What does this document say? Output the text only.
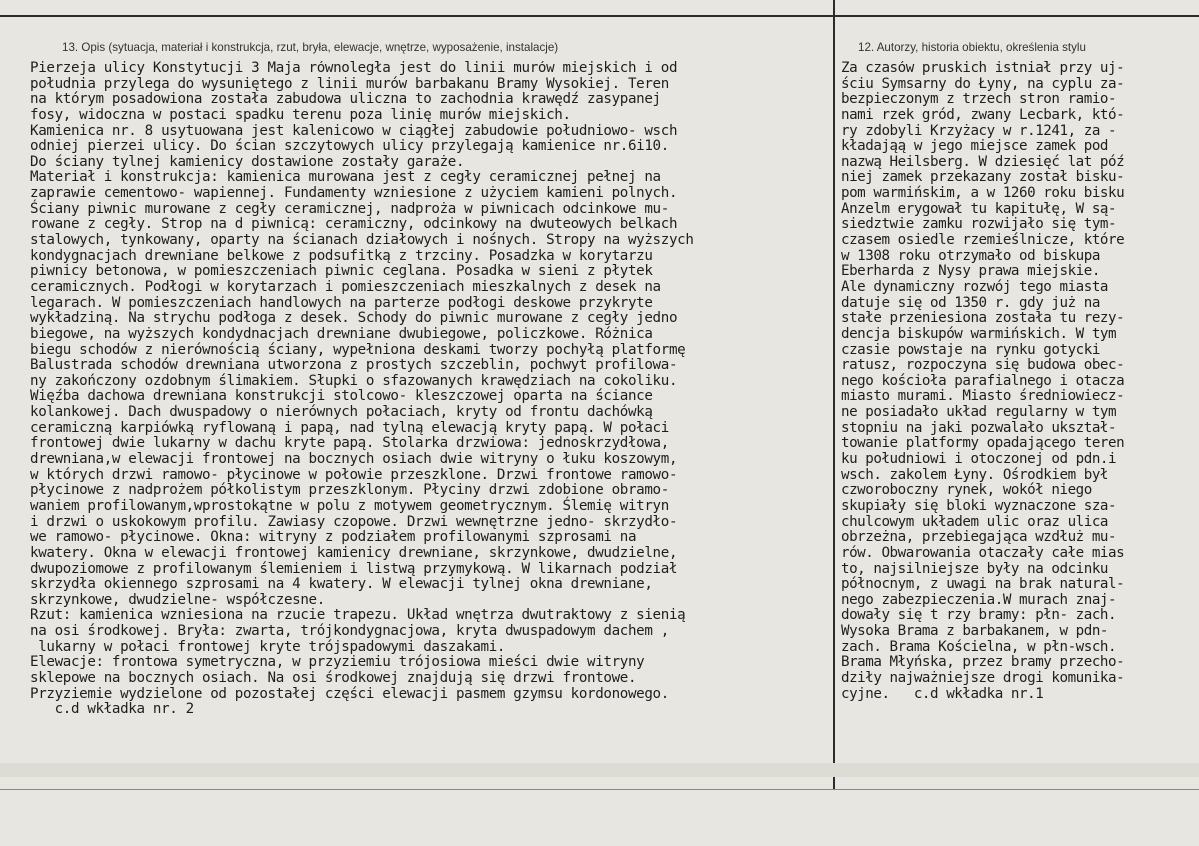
13. Opis (sytuacja, materiał i konstrukcja, rzut, bryła, elewacje, wnętrze, wyposażenie, instalacje)	12. Autorzy, historia obiektu, określenia stylu
Pierzeja ulicy Konstytucji 3 Maja równoległa jest do linii murów miejskich i od
południa przylega do wysuniętego z linii murów barbakanu Bramy Wysokiej. Teren
na którym posadowiona została zabudowa uliczna to zachodnia krawędź zasypanej
fosy, widoczna w postaci spadku terenu poza linię murów miejskich.
Kamienica nr. 8 usytuowana jest kalenicowo w ciągłej zabudowie południowo- wsch
odniej pierzei ulicy. Do ścian szczytowych ulicy przylegają kamienice nr.6i10.
Do ściany tylnej kamienicy dostawione zostały garaże.
Materiał i konstrukcja: kamienica murowana jest z cegły ceramicznej pełnej na
zaprawie cementowo- wapiennej. Fundamenty wzniesione z użyciem kamieni polnych.
Ściany piwnic murowane z cegły ceramicznej, nadproża w piwnicach odcinkowe mu-
rowane z cegły. Strop na d piwnicą: ceramiczny, odcinkowy na dwuteowych belkach
stalowych, tynkowany, oparty na ścianach działowych i nośnych. Stropy na wyższych
kondygnacjach drewniane belkowe z podsufitką z trzciny. Posadzka w korytarzu
piwnicy betonowa, w pomieszczeniach piwnic ceglana. Posadka w sieni z płytek
ceramicznych. Podłogi w korytarzach i pomieszczeniach mieszkalnych z desek na
legarach. W pomieszczeniach handlowych na parterze podłogi deskowe przykryte
wykładziną. Na strychu podłoga z desek. Schody do piwnic murowane z cegły jedno
biegowe, na wyższych kondydnacjach drewniane dwubiegowe, policzkowe. Różnica
biegu schodów z nierównością ściany, wypełniona deskami tworzy pochyłą platformę
Balustrada schodów drewniana utworzona z prostych szczeblin, pochwyt profilowa-
ny zakończony ozdobnym ślimakiem. Słupki o sfazowanych krawędziach na cokoliku.
Więźba dachowa drewniana konstrukcji stolcowo- kleszczowej oparta na ściance
kolankowej. Dach dwuspadowy o nierównych połaciach, kryty od frontu dachówką
ceramiczną karpiówką ryflowaną i papą, nad tylną elewacją kryty papą. W połaci
frontowej dwie lukarny w dachu kryte papą. Stolarka drzwiowa: jednoskrzydłowa,
drewniana,w elewacji frontowej na bocznych osiach dwie witryny o łuku koszowym,
w których drzwi ramowo- płycinowe w połowie przeszklone. Drzwi frontowe ramowo-
płycinowe z nadprożem półkolistym przeszklonym. Płyciny drzwi zdobione obramo-
waniem profilowanym,wprostokątne w polu z motywem geometrycznym. Ślemię witryn
i drzwi o uskokowym profilu. Zawiasy czopowe. Drzwi wewnętrzne jedno- skrzydło-
we ramowo- płycinowe. Okna: witryny z podziałem profilowanymi szprosami na
kwatery. Okna w elewacji frontowej kamienicy drewniane, skrzynkowe, dwudzielne,
dwupoziomowe z profilowanym ślemieniem i listwą przymykową. W likarnach podział
skrzydła okiennego szprosami na 4 kwatery. W elewacji tylnej okna drewniane,
skrzynkowe, dwudzielne- współczesne.
Rzut: kamienica wzniesiona na rzucie trapezu. Układ wnętrza dwutraktowy z sienią
na osi środkowej. Bryła: zwarta, trójkondygnacjowa, kryta dwuspadowym dachem ,
lukarny w połaci frontowej kryte trójspadowymi daszakami.
Elewacje: frontowa symetryczna, w przyziemiu trójosiowa mieści dwie witryny
sklepowe na bocznych osiach. Na osi środkowej znajdują się drzwi frontowe.
Przyziemie wydzielone od pozostałej części elewacji pasmem gzymsu kordonowego.
c.d wkładka nr. 2
Za czasów pruskich istniał przy uj-
ściu Symsarny do Łyny, na cyplu za-
bezpieczonym z trzech stron ramio-
nami rzek gród, zwany Lecbark, któ-
ry zdobyli Krzyżacy w r.1241, za -
kładająą w jego miejsce zamek pod
nazwą Heilsberg. W dziesięć lat póź
niej zamek przekazany został bisku-
pom warmińskim, a w 1260 roku bisku
Anzelm erygował tu kapitułę, W są-
siedztwie zamku rozwijało się tym-
czasem osiedle rzemieślnicze, które
w 1308 roku otrzymało od biskupa
Eberharda z Nysy prawa miejskie.
Ale dynamiczny rozwój tego miasta
datuje się od 1350 r. gdy już na
stałe przeniesiona została tu rezy-
dencja biskupów warmińskich. W tym
czasie powstaje na rynku gotycki
ratusz, rozpoczyna się budowa obec-
nego kościoła parafialnego i otacza
miasto murami. Miasto średniowiecz-
ne posiadało układ regularny w tym
stopniu na jaki pozwalało ukształ-
towanie platformy opadającego teren
ku południowi i otoczonej od pdn.i
wsch. zakolem Łyny. Ośrodkiem był
czworoboczny rynek, wokół niego
skupiały się bloki wyznaczone sza-
chulcowym układem ulic oraz ulica
obrzeżna, przebiegająca wzdłuż mu-
rów. Obwarowania otaczały całe mias
to, najsilniejsze były na odcinku
północnym, z uwagi na brak natural-
nego zabezpieczenia.W murach znaj-
dowały się t rzy bramy: płn- zach.
Wysoka Brama z barbakanem, w pdn-
zach. Brama Kościelna, w płn-wsch.
Brama Młyńska, przez bramy przecho-
dziły najważniejsze drogi komunika-
cyjne.   c.d wkładka nr.1
